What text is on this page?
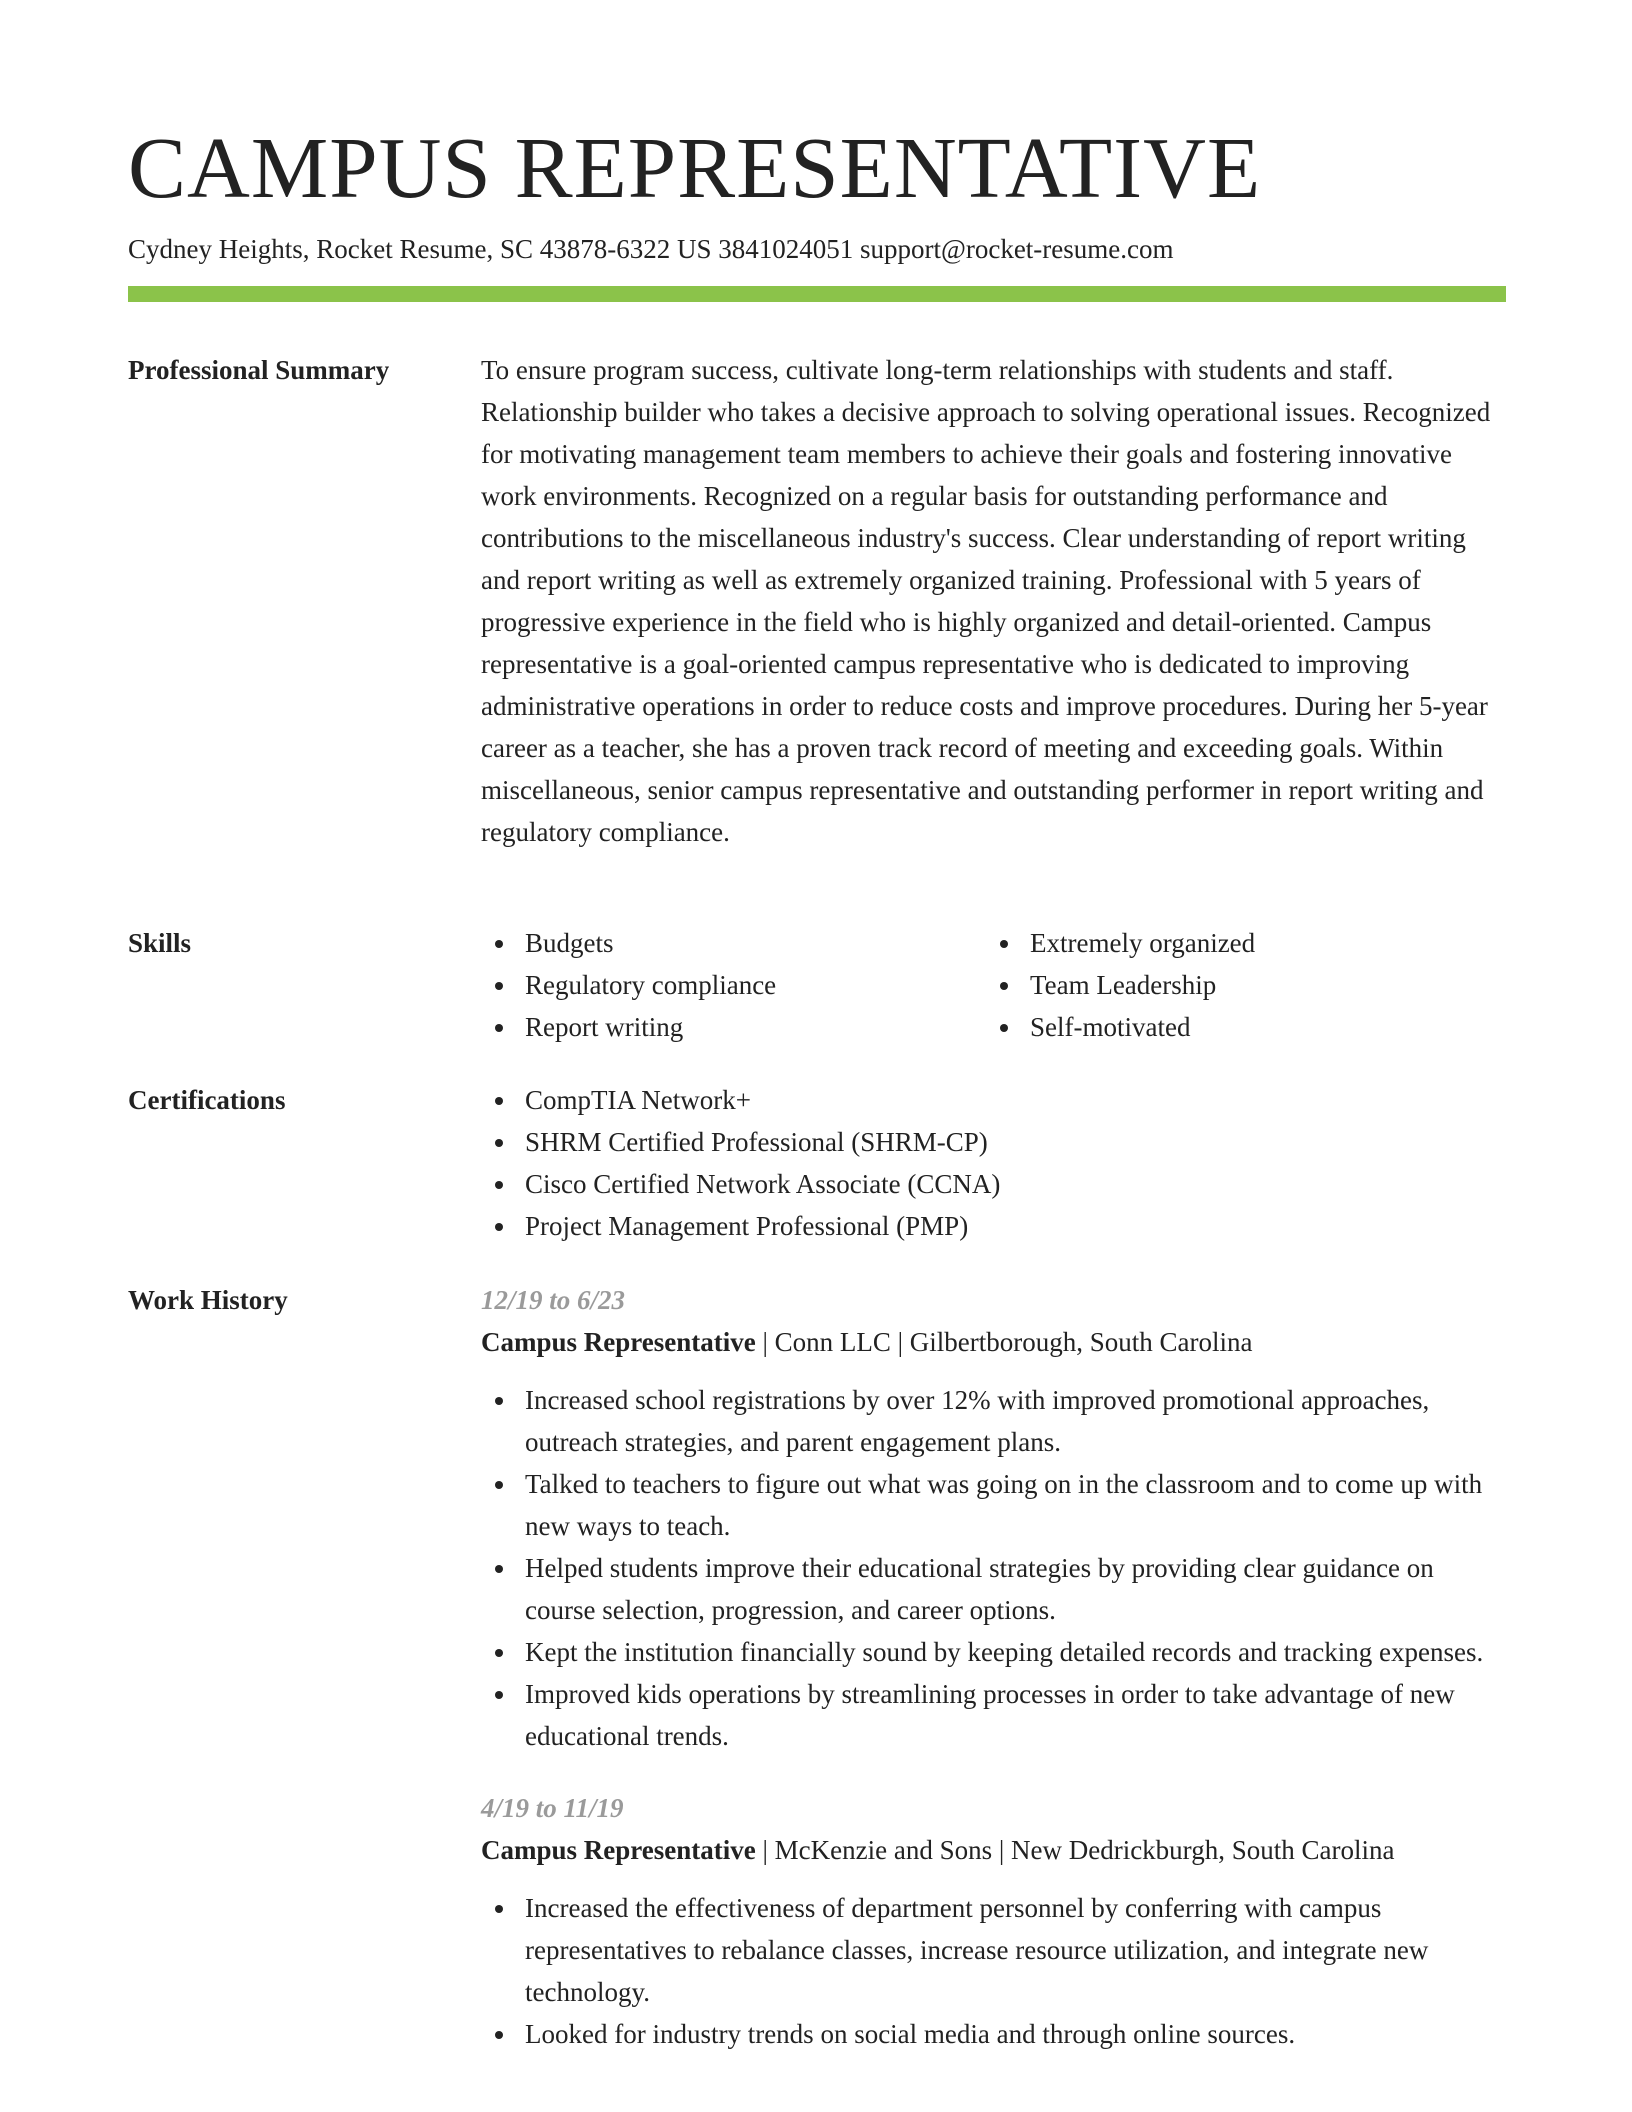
CAMPUS REPRESENTATIVE
Cydney Heights, Rocket Resume, SC 43878-6322 US 3841024051 support@rocket-resume.com
Professional Summary	To ensure program success, cultivate long-term relationships with students and staff. Relationship builder who takes a decisive approach to solving operational issues. Recognized for motivating management team members to achieve their goals and fostering innovative work environments. Recognized on a regular basis for outstanding performance and contributions to the miscellaneous industry's success. Clear understanding of report writing and report writing as well as extremely organized training. Professional with 5 years of progressive experience in the field who is highly organized and detail-oriented. Campus representative is a goal-oriented campus representative who is dedicated to improving administrative operations in order to reduce costs and improve procedures. During her 5-year career as a teacher, she has a proven track record of meeting and exceeding goals. Within miscellaneous, senior campus representative and outstanding performer in report writing and regulatory compliance.

Skills	Budgets
Regulatory compliance
Report writing
Extremely organized
Team Leadership
Self-motivated
Certifications	CompTIA Network+
SHRM Certified Professional (SHRM-CP)
Cisco Certified Network Associate (CCNA)
Project Management Professional (PMP)
Work History	12/19 to 6/23
Campus Representative | Conn LLC | Gilbertborough, South Carolina
Increased school registrations by over 12% with improved promotional approaches, outreach strategies, and parent engagement plans.
Talked to teachers to figure out what was going on in the classroom and to come up with new ways to teach.
Helped students improve their educational strategies by providing clear guidance on course selection, progression, and career options.
Kept the institution financially sound by keeping detailed records and tracking expenses.
Improved kids operations by streamlining processes in order to take advantage of new educational trends.
4/19 to 11/19
Campus Representative | McKenzie and Sons | New Dedrickburgh, South Carolina
Increased the effectiveness of department personnel by conferring with campus representatives to rebalance classes, increase resource utilization, and integrate new technology.
Looked for industry trends on social media and through online sources.
